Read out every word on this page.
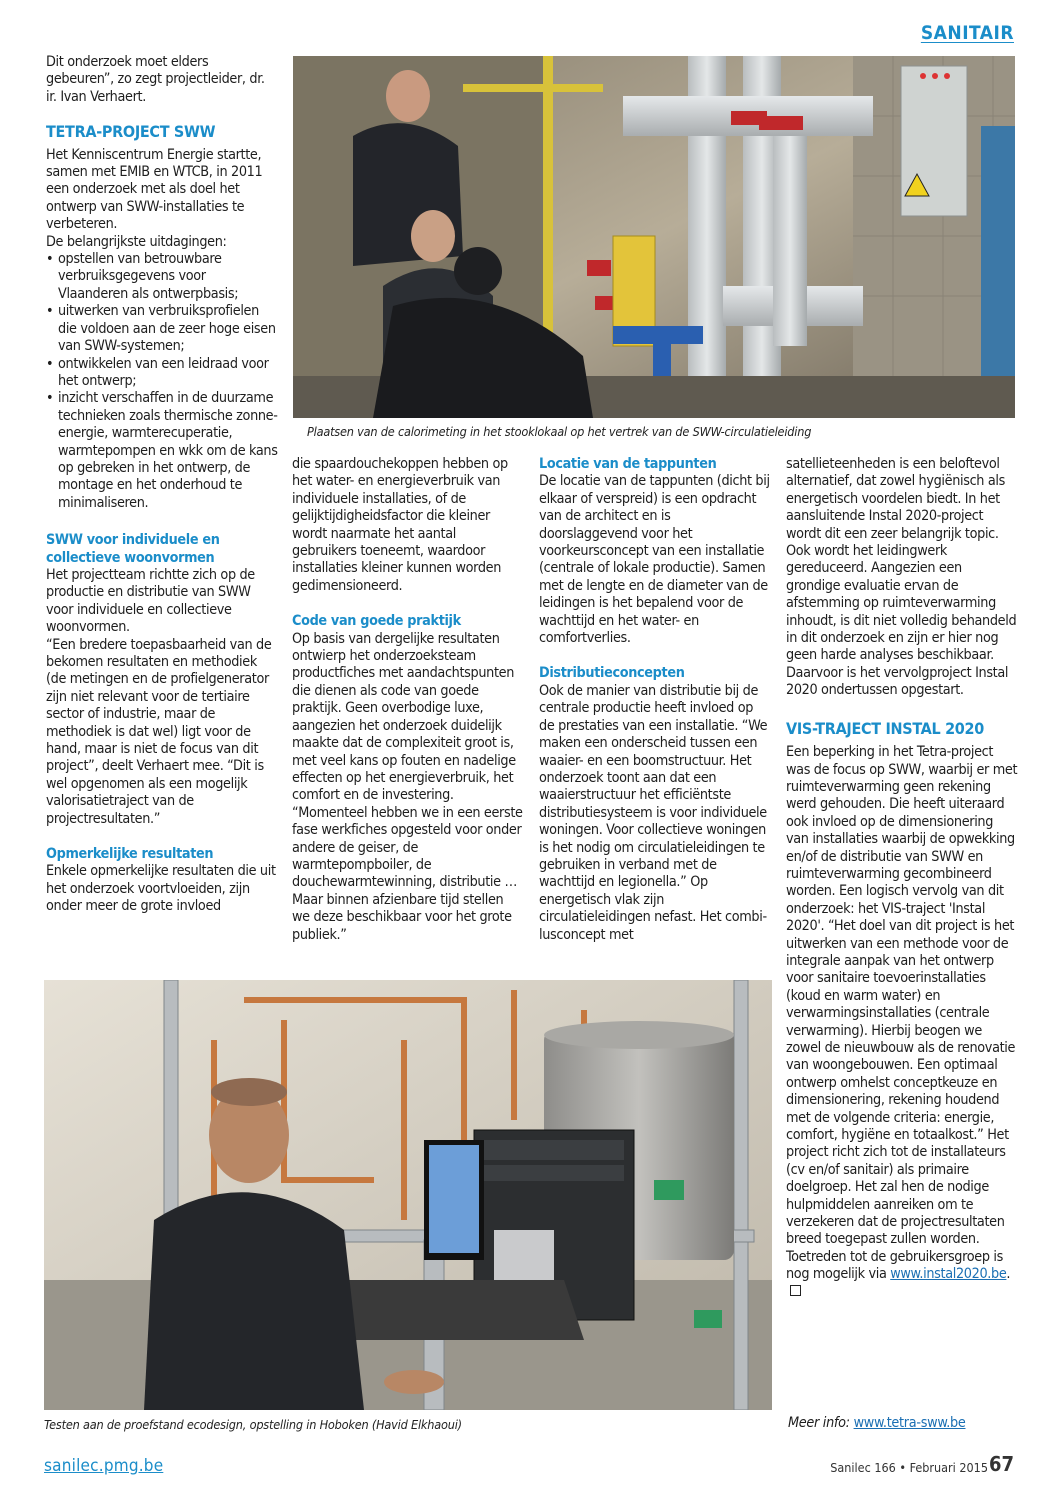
SANITAIR

Dit onderzoek moet elders gebeuren”, zo zegt projectleider, dr. ir. Ivan Verhaert.

TETRA-PROJECT SWW

Het Kenniscentrum Energie startte, samen met EMIB en WTCB, in 2011 een onderzoek met als doel het ontwerp van SWW-installaties te verbeteren.

De belangrijkste uitdagingen:

• opstellen van betrouwbare verbruiksgegevens voor Vlaanderen als ontwerpbasis;
• uitwerken van verbruiksprofielen die voldoen aan de zeer hoge eisen van SWW-systemen;
• ontwikkelen van een leidraad voor het ontwerp;
• inzicht verschaffen in de duurzame technieken zoals thermische zonne-energie, warmterecuperatie, warmtepompen en wkk om de kans op gebreken in het ontwerp, de montage en het onderhoud te minimaliseren.

SWW voor individuele en collectieve woonvormen

Het projectteam richtte zich op de productie en distributie van SWW voor individuele en collectieve woonvormen.

“Een bredere toepasbaarheid van de bekomen resultaten en methodiek (de metingen en de profielgenerator zijn niet relevant voor de tertiaire sector of industrie, maar de methodiek is dat wel) ligt voor de hand, maar is niet de focus van dit project”, deelt Verhaert mee. “Dit is wel opgenomen als een mogelijk valorisatietraject van de projectresultaten.”

Opmerkelijke resultaten

Enkele opmerkelijke resultaten die uit het onderzoek voortvloeiden, zijn onder meer de grote invloed

Plaatsen van de calorimeting in het stooklokaal op het vertrek van de SWW-circulatieleiding

die spaardouchekoppen hebben op het water- en energieverbruik van individuele installaties, of de gelijktijdigheidsfactor die kleiner wordt naarmate het aantal gebruikers toeneemt, waardoor installaties kleiner kunnen worden gedimensioneerd.

Code van goede praktijk

Op basis van dergelijke resultaten ontwierp het onderzoeksteam productfiches met aandachtspunten die dienen als code van goede praktijk. Geen overbodige luxe, aangezien het onderzoek duidelijk maakte dat de complexiteit groot is, met veel kans op fouten en nadelige effecten op het energieverbruik, het comfort en de investering.

“Momenteel hebben we in een eerste fase werkfiches opgesteld voor onder andere de geiser, de warmtepompboiler, de douchewarmtewinning, distributie … Maar binnen afzienbare tijd stellen we deze beschikbaar voor het grote publiek.”

Locatie van de tappunten

De locatie van de tappunten (dicht bij elkaar of verspreid) is een opdracht van de architect en is doorslaggevend voor het voorkeursconcept van een installatie (centrale of lokale productie). Samen met de lengte en de diameter van de leidingen is het bepalend voor de wachttijd en het water- en comfortverlies.

Distributieconcepten

Ook de manier van distributie bij de centrale productie heeft invloed op de prestaties van een installatie. “We maken een onderscheid tussen een waaier- en een boomstructuur. Het onderzoek toont aan dat een waaierstructuur het efficiëntste distributiesysteem is voor individuele woningen. Voor collectieve woningen is het nodig om circulatieleidingen te gebruiken in verband met de wachttijd en legionella.” Op energetisch vlak zijn circulatieleidingen nefast. Het combi-lusconcept met

satellieteenheden is een beloftevol alternatief, dat zowel hygiënisch als energetisch voordelen biedt. In het aansluitende Instal 2020-project wordt dit een zeer belangrijk topic. Ook wordt het leidingwerk gereduceerd. Aangezien een grondige evaluatie ervan de afstemming op ruimteverwarming inhoudt, is dit niet volledig behandeld in dit onderzoek en zijn er hier nog geen harde analyses beschikbaar. Daarvoor is het vervolgproject Instal 2020 ondertussen opgestart.

VIS-TRAJECT INSTAL 2020

Een beperking in het Tetra-project was de focus op SWW, waarbij er met ruimteverwarming geen rekening werd gehouden. Die heeft uiteraard ook invloed op de dimensionering van installaties waarbij de opwekking en/of de distributie van SWW en ruimteverwarming gecombineerd worden. Een logisch vervolg van dit onderzoek: het VIS-traject 'Instal 2020'. “Het doel van dit project is het uitwerken van een methode voor de integrale aanpak van het ontwerp voor sanitaire toevoerinstallaties (koud en warm water) en verwarmingsinstallaties (centrale verwarming). Hierbij beogen we zowel de nieuwbouw als de renovatie van woongebouwen. Een optimaal ontwerp omhelst conceptkeuze en dimensionering, rekening houdend met de volgende criteria: energie, comfort, hygiëne en totaalkost.” Het project richt zich tot de installateurs (cv en/of sanitair) als primaire doelgroep. Het zal hen de nodige hulpmiddelen aanreiken om te verzekeren dat de projectresultaten breed toegepast zullen worden. Toetreden tot de gebruikersgroep is nog mogelijk via www.instal2020.be.

Testen aan de proefstand ecodesign, opstelling in Hoboken (Havid Elkhaoui)	Meer info: www.tetra-sww.be
sanilec.pmg.be	Sanilec 166 • Februari 2015 67
